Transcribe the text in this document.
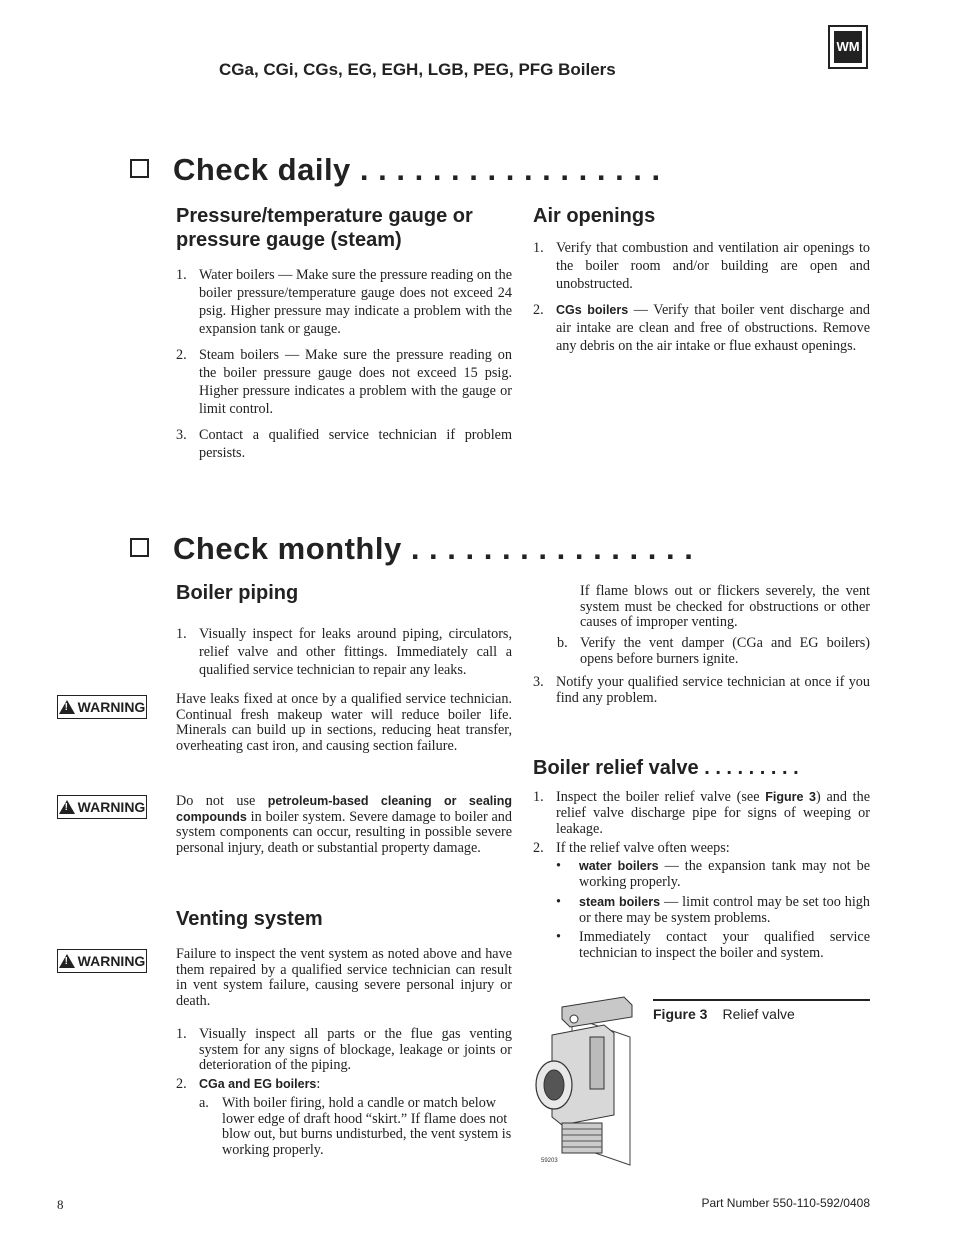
CGa, CGi, CGs, EG, EGH, LGB, PEG, PFG Boilers
WM
Check daily . . . . . . . . . . . . . . . . .
Pressure/temperature gauge or pressure gauge (steam)
1. Water boilers — Make sure the pressure reading on the boiler pressure/temperature gauge does not exceed 24 psig. Higher pressure may indicate a problem with the expansion tank or gauge.
2. Steam boilers — Make sure the pressure reading on the boiler pressure gauge does not exceed 15 psig. Higher pressure indicates a problem with the gauge or limit control.
3. Contact a qualified service technician if problem persists.
Air openings
1. Verify that combustion and ventilation air openings to the boiler room and/or building are open and unobstructed.
2. CGs boilers — Verify that boiler vent discharge and air intake are clean and free of obstructions. Remove any debris on the air intake or flue exhaust openings.
Check monthly . . . . . . . . . . . . . . . .
Boiler piping
1. Visually inspect for leaks around piping, circulators, relief valve and other fittings. Immediately call a qualified service technician to repair any leaks.
! WARNING Have leaks fixed at once by a qualified service technician. Continual fresh makeup water will reduce boiler life. Minerals can build up in sections, reducing heat transfer, overheating cast iron, and causing section failure.
! WARNING Do not use petroleum-based cleaning or sealing compounds in boiler system. Severe damage to boiler and system components can occur, resulting in possible severe personal injury, death or substantial property damage.
Venting system
! WARNING Failure to inspect the vent system as noted above and have them repaired by a qualified service technician can result in vent system failure, causing severe personal injury or death.
1. Visually inspect all parts or the flue gas venting system for any signs of blockage, leakage or joints or deterioration of the piping.
2. CGa and EG boilers:
a. With boiler firing, hold a candle or match below lower edge of draft hood “skirt.” If flame does not blow out, but burns undisturbed, the vent system is working properly.
If flame blows out or flickers severely, the vent system must be checked for obstructions or other causes of improper venting.
b. Verify the vent damper (CGa and EG boilers) opens before burners ignite.
3. Notify your qualified service technician at once if you find any problem.
Boiler relief valve . . . . . . . . .
1. Inspect the boiler relief valve (see Figure 3) and the relief valve discharge pipe for signs of weeping or leakage.
2. If the relief valve often weeps:
• water boilers — the expansion tank may not be working properly.
• steam boilers — limit control may be set too high or there may be system problems.
• Immediately contact your qualified service technician to inspect the boiler and system.
Figure 3 Relief valve
59203
8	Part Number 550-110-592/0408
